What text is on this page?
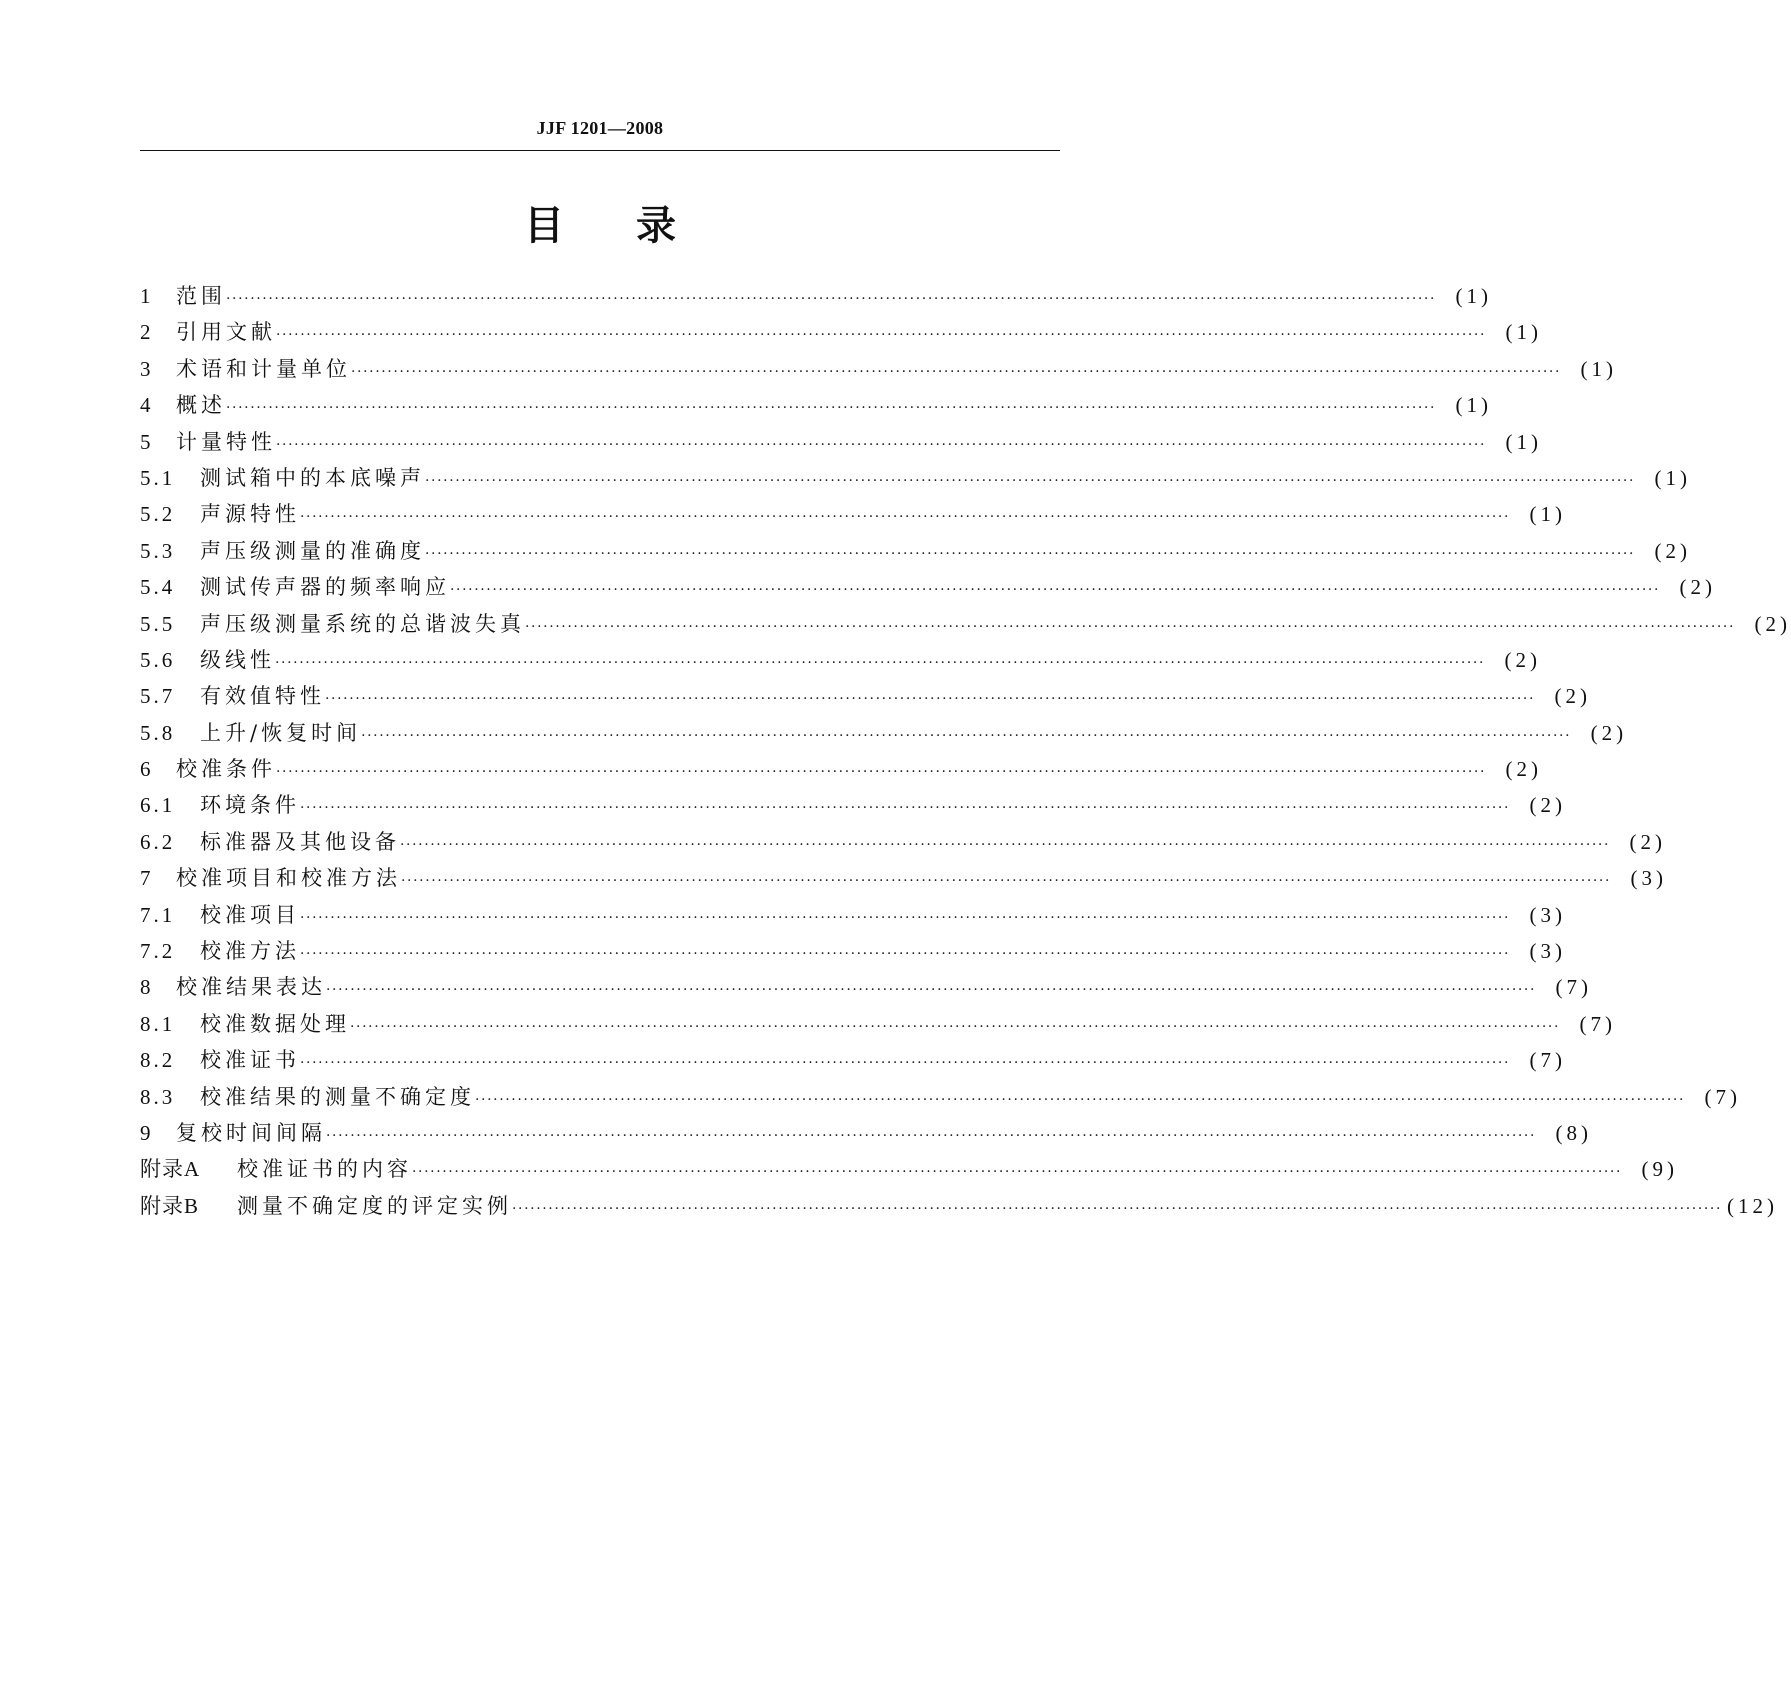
JJF 1201—2008
目录
1	范围 ········································································································································································································ (1)
2	引用文献 ········································································································································································································ (1)
3	术语和计量单位 ········································································································································································································ (1)
4	概述 ········································································································································································································ (1)
5	计量特性 ········································································································································································································ (1)
5.1	测试箱中的本底噪声 ········································································································································································································ (1)
5.2	声源特性 ········································································································································································································ (1)
5.3	声压级测量的准确度 ········································································································································································································ (2)
5.4	测试传声器的频率响应 ········································································································································································································ (2)
5.5	声压级测量系统的总谐波失真 ········································································································································································································ (2)
5.6	级线性 ········································································································································································································ (2)
5.7	有效值特性 ········································································································································································································ (2)
5.8	上升/恢复时间 ········································································································································································································ (2)
6	校准条件 ········································································································································································································ (2)
6.1	环境条件 ········································································································································································································ (2)
6.2	标准器及其他设备 ········································································································································································································ (2)
7	校准项目和校准方法 ········································································································································································································ (3)
7.1	校准项目 ········································································································································································································ (3)
7.2	校准方法 ········································································································································································································ (3)
8	校准结果表达 ········································································································································································································ (7)
8.1	校准数据处理 ········································································································································································································ (7)
8.2	校准证书 ········································································································································································································ (7)
8.3	校准结果的测量不确定度 ········································································································································································································ (7)
9	复校时间间隔 ········································································································································································································ (8)
附录A	校准证书的内容 ········································································································································································································ (9)
附录B	测量不确定度的评定实例 ········································································································································································································ (12)
